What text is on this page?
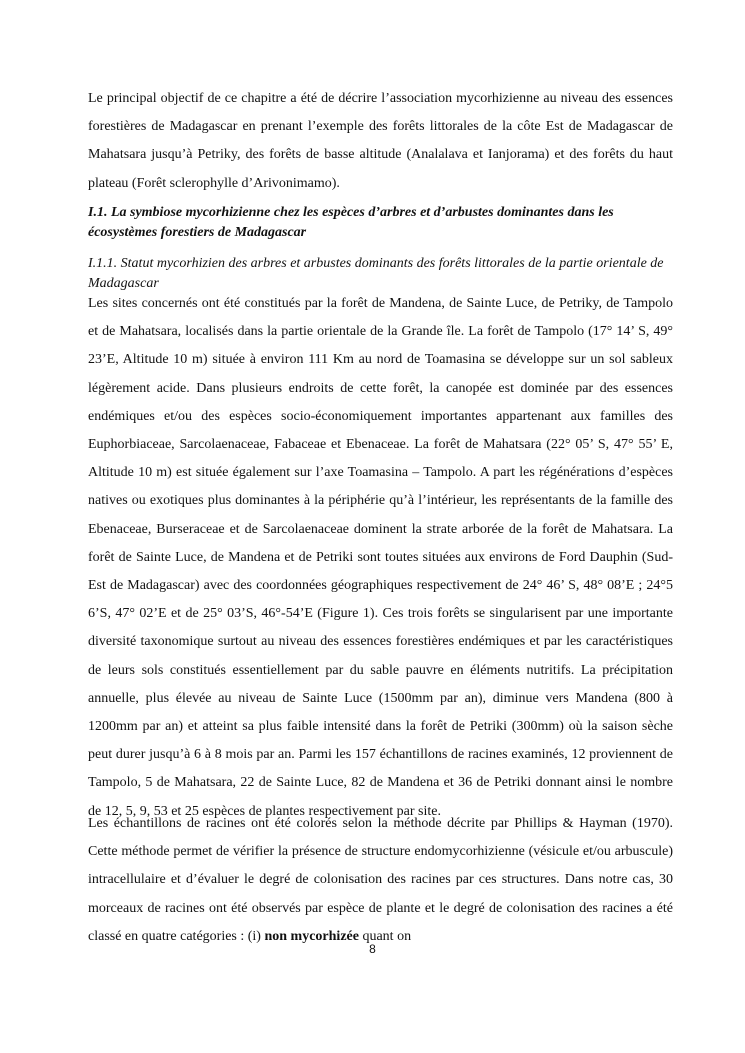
Le principal objectif de ce chapitre a été de décrire l’association mycorhizienne au niveau des essences forestières de Madagascar en prenant l’exemple des forêts littorales de la côte Est de Madagascar de Mahatsara jusqu’à Petriky, des forêts de basse altitude (Analalava et Ianjorama) et des forêts du haut plateau (Forêt sclerophylle d’Arivonimamo).

I.1. La symbiose mycorhizienne chez les espèces d’arbres et d’arbustes dominantes dans les écosystèmes forestiers de Madagascar

I.1.1. Statut mycorhizien des arbres et arbustes dominants des forêts littorales de la partie orientale de Madagascar

Les sites concernés ont été constitués par la forêt de Mandena, de Sainte Luce, de Petriky, de Tampolo et de Mahatsara, localisés dans la partie orientale de la Grande île. La forêt de Tampolo (17° 14’ S, 49° 23’E, Altitude 10 m) située à environ 111 Km au nord de Toamasina se développe sur un sol sableux légèrement acide. Dans plusieurs endroits de cette forêt, la canopée est dominée par des essences endémiques et/ou des espèces socio-économiquement importantes appartenant aux familles des Euphorbiaceae, Sarcolaenaceae, Fabaceae et Ebenaceae. La forêt de Mahatsara (22° 05’ S, 47° 55’ E, Altitude 10 m) est située également sur l’axe Toamasina – Tampolo. A part les régénérations d’espèces natives ou exotiques plus dominantes à la périphérie qu’à l’intérieur, les représentants de la famille des Ebenaceae, Burseraceae et de Sarcolaenaceae dominent la strate arborée de la forêt de Mahatsara. La forêt de Sainte Luce, de Mandena et de Petriki sont toutes situées aux environs de Ford Dauphin (Sud-Est de Madagascar) avec des coordonnées géographiques respectivement de 24° 46’ S, 48° 08’E ; 24°5 6’S, 47° 02’E et de 25° 03’S, 46°-54’E (Figure 1). Ces trois forêts se singularisent par une importante diversité taxonomique surtout au niveau des essences forestières endémiques et par les caractéristiques de leurs sols constitués essentiellement par du sable pauvre en éléments nutritifs. La précipitation annuelle, plus élevée au niveau de Sainte Luce (1500mm par an), diminue vers Mandena (800 à 1200mm par an) et atteint sa plus faible intensité dans la forêt de Petriki (300mm) où la saison sèche peut durer jusqu’à 6 à 8 mois par an. Parmi les 157 échantillons de racines examinés, 12 proviennent de Tampolo, 5 de Mahatsara, 22 de Sainte Luce, 82 de Mandena et 36 de Petriki donnant ainsi le nombre de 12, 5, 9, 53 et 25 espèces de plantes respectivement par site.

Les échantillons de racines ont été colorés selon la méthode décrite par Phillips & Hayman (1970). Cette méthode permet de vérifier la présence de structure endomycorhizienne (vésicule et/ou arbuscule) intracellulaire et d’évaluer le degré de colonisation des racines par ces structures. Dans notre cas, 30 morceaux de racines ont été observés par espèce de plante et le degré de colonisation des racines a été classé en quatre catégories : (i) non mycorhizée quant on

8
